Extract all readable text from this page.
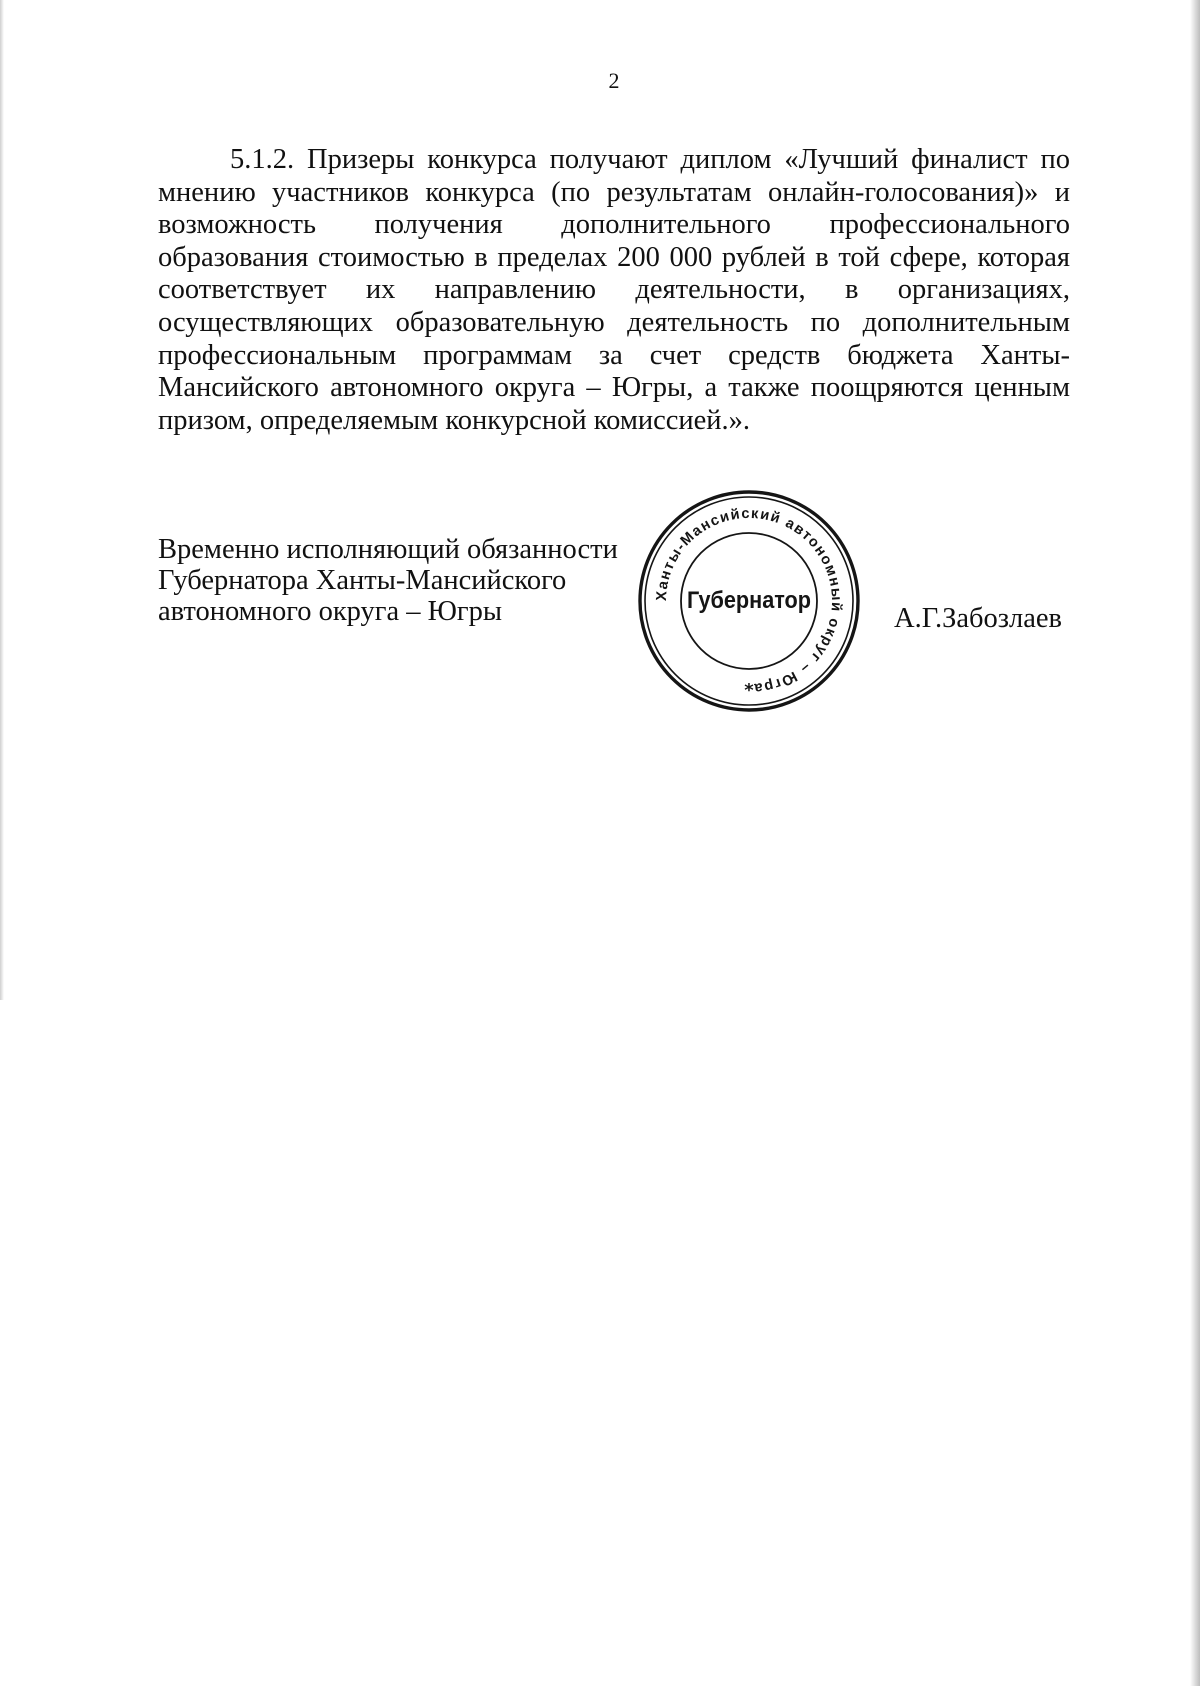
2

5.1.2. Призеры конкурса получают диплом «Лучший финалист по мнению участников конкурса (по результатам онлайн-голосования)» и возможность получения дополнительного профессионального образования стоимостью в пределах 200 000 рублей в той сфере, которая соответствует их направлению деятельности, в организациях, осуществляющих образовательную деятельность по дополнительным профессиональным программам за счет средств бюджета Ханты-Мансийского автономного округа – Югры, а также поощряются ценным призом, определяемым конкурсной комиссией.».

Временно исполняющий обязанности
Губернатора Ханты-Мансийского
автономного округа – Югры
Ханты-Мансийский автономный округ – Югра
Губернатор
*
А.Г.Забозлаев
